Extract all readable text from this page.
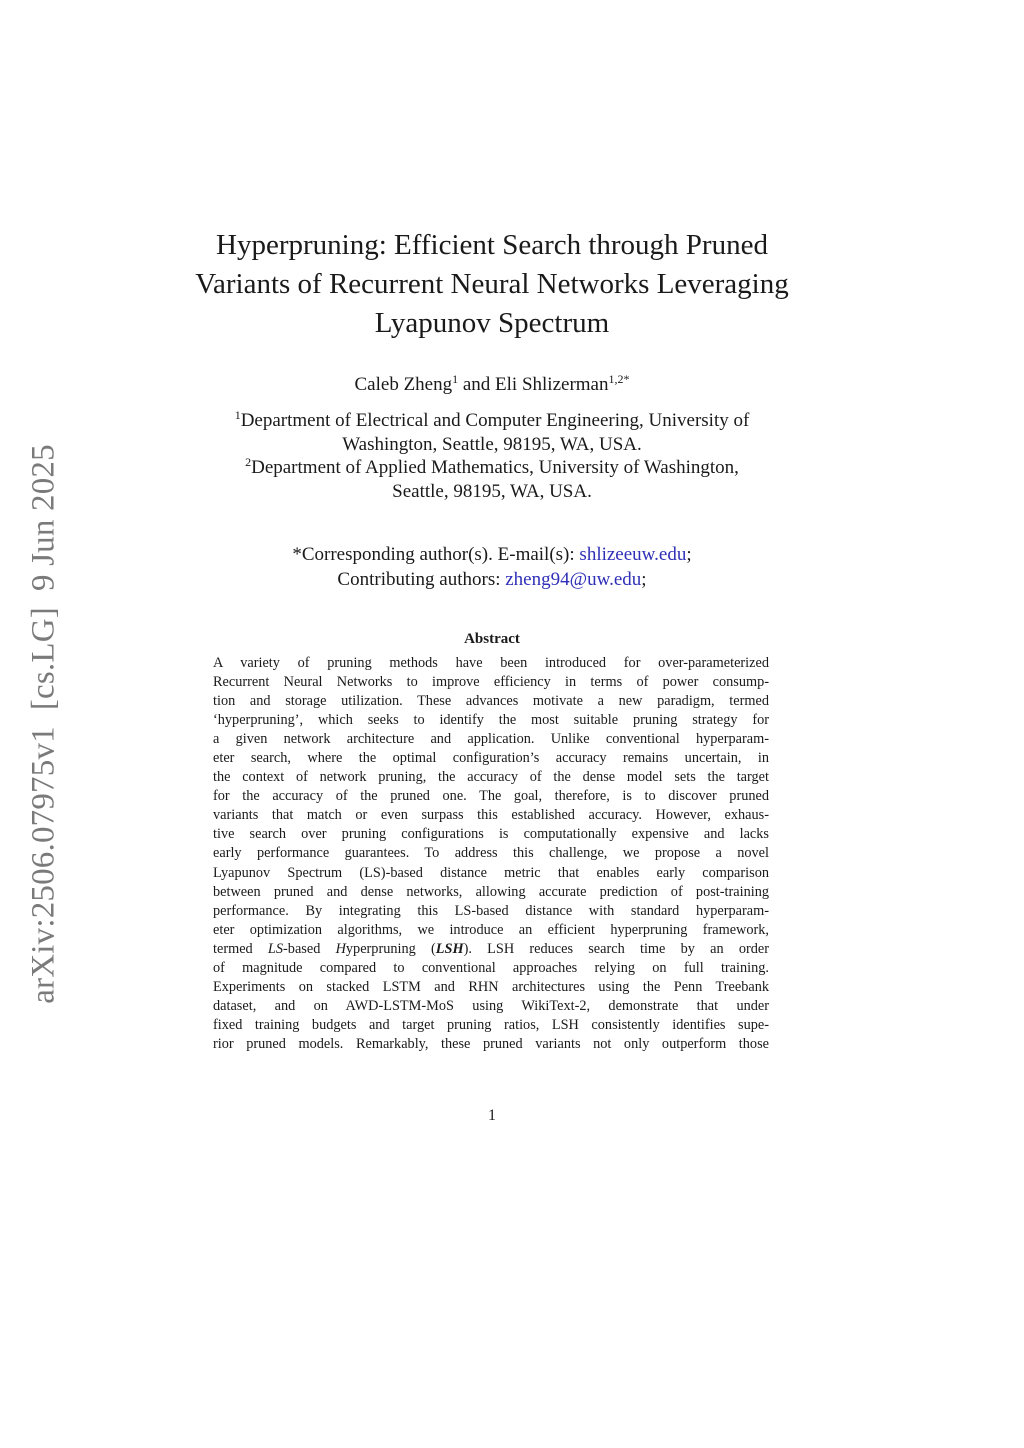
arXiv:2506.07975v1[cs.LG]9 Jun 2025
Hyperpruning: Efficient Search through Pruned
Variants of Recurrent Neural Networks Leveraging
Lyapunov Spectrum
Caleb Zheng$^1$ and Eli Shlizerman$^{1,2*}$
$^1$Department of Electrical and Computer Engineering, University of
Washington, Seattle, 98195, WA, USA.
$^2$Department of Applied Mathematics, University of Washington,
Seattle, 98195, WA, USA.
*Corresponding author(s). E-mail(s): shlizeeuw.edu;
Contributing authors: zheng94@uw.edu;
Abstract
A variety of pruning methods have been introduced for over-parameterized
Recurrent Neural Networks to improve efficiency in terms of power consump-
tion and storage utilization. These advances motivate a new paradigm, termed
‘hyperpruning’, which seeks to identify the most suitable pruning strategy for
a given network architecture and application. Unlike conventional hyperparam-
eter search, where the optimal configuration’s accuracy remains uncertain, in
the context of network pruning, the accuracy of the dense model sets the target
for the accuracy of the pruned one. The goal, therefore, is to discover pruned
variants that match or even surpass this established accuracy. However, exhaus-
tive search over pruning configurations is computationally expensive and lacks
early performance guarantees. To address this challenge, we propose a novel
Lyapunov Spectrum (LS)-based distance metric that enables early comparison
between pruned and dense networks, allowing accurate prediction of post-training
performance. By integrating this LS-based distance with standard hyperparam-
eter optimization algorithms, we introduce an efficient hyperpruning framework,
termed LS-based Hyperpruning (LSH). LSH reduces search time by an order
of magnitude compared to conventional approaches relying on full training.
Experiments on stacked LSTM and RHN architectures using the Penn Treebank
dataset, and on AWD-LSTM-MoS using WikiText-2, demonstrate that under
fixed training budgets and target pruning ratios, LSH consistently identifies supe-
rior pruned models. Remarkably, these pruned variants not only outperform those
1
